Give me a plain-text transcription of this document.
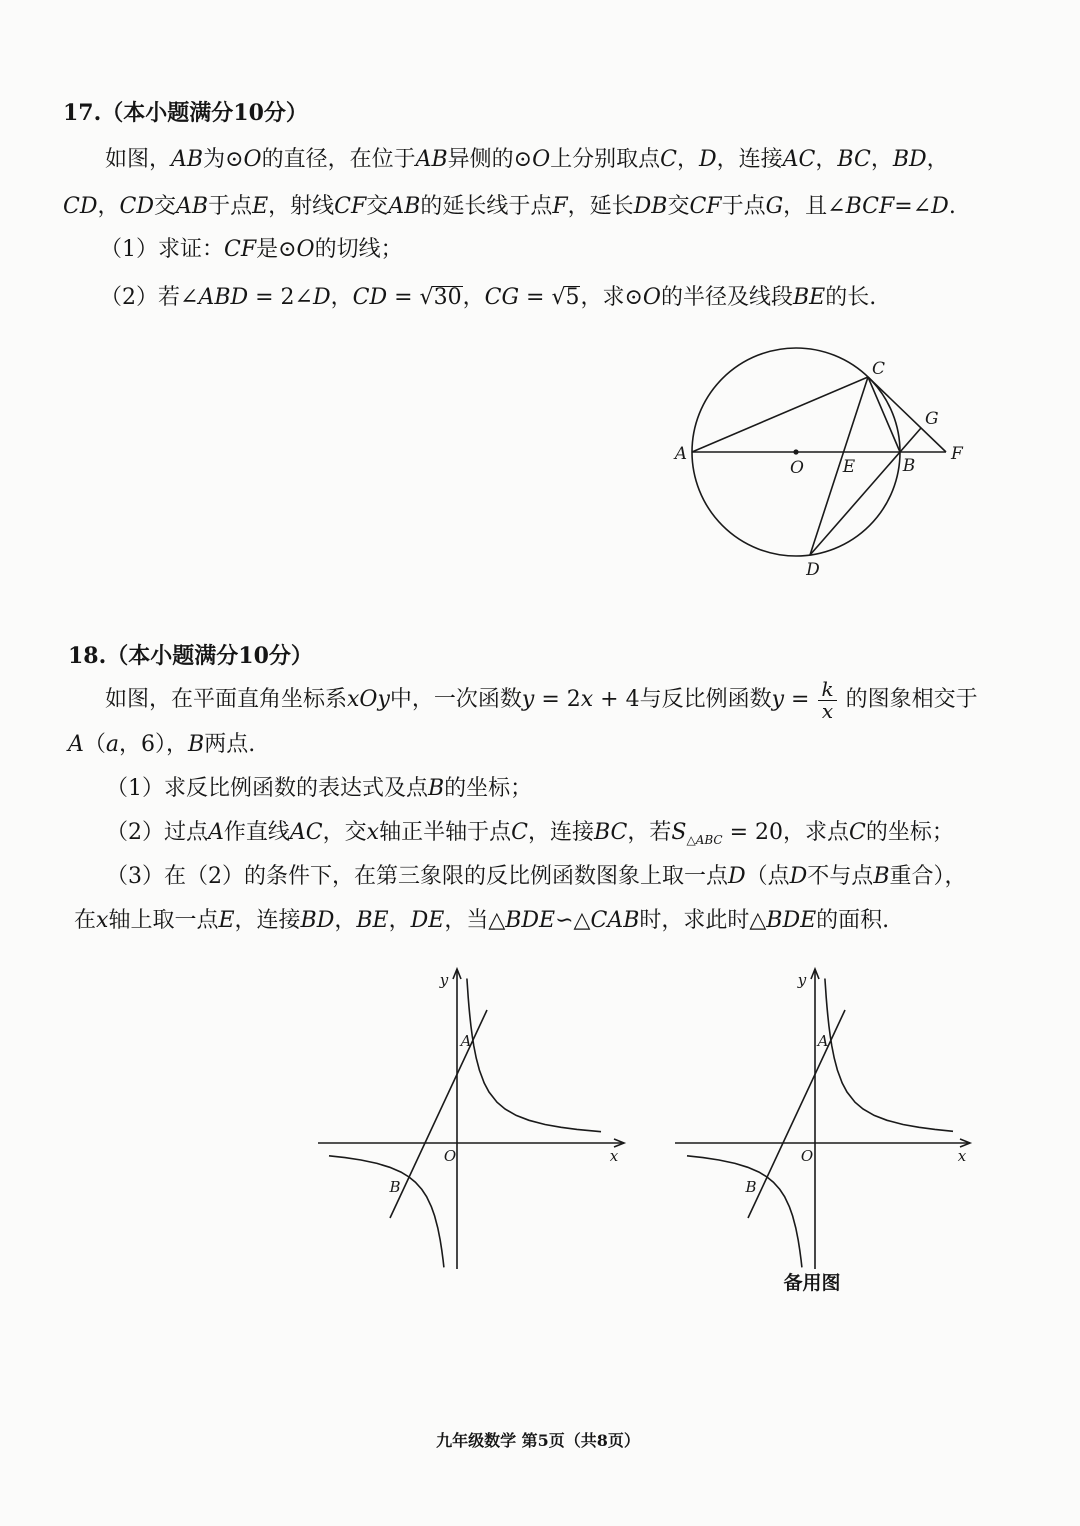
17.（本小题满分10分）
如图，AB为⊙O的直径，在位于AB异侧的⊙O上分别取点C，D，连接AC，BC，BD，
CD，CD交AB于点E，射线CF交AB的延长线于点F，延长DB交CF于点G，且∠BCF=∠D.
（1）求证：CF是⊙O的切线；
（2）若∠ABD = 2∠D，CD = √30，CG = √5，求⊙O的半径及线段BE的长.
C
G
F
A
O E	B
D
18.（本小题满分10分）
如图，在平面直角坐标系xOy中，一次函数y = 2x + 4与反比例函数$y = \frac{k}{x}$ 的图象相交于
A（a，6），B两点.
（1）求反比例函数的表达式及点B的坐标；
（2）过点A作直线AC，交x轴正半轴于点C，连接BC，若$S_{\triangle ABC} = 20$，求点C的坐标；
（3）在（2）的条件下，在第三象限的反比例函数图象上取一点D（点D不与点B重合），
在x轴上取一点E，连接BD，BE，DE，当△BDE∽△CAB时，求此时△BDE的面积.
y
x
O
A
B
y
x
O
A
B
备用图
九年级数学 第5页（共8页）
